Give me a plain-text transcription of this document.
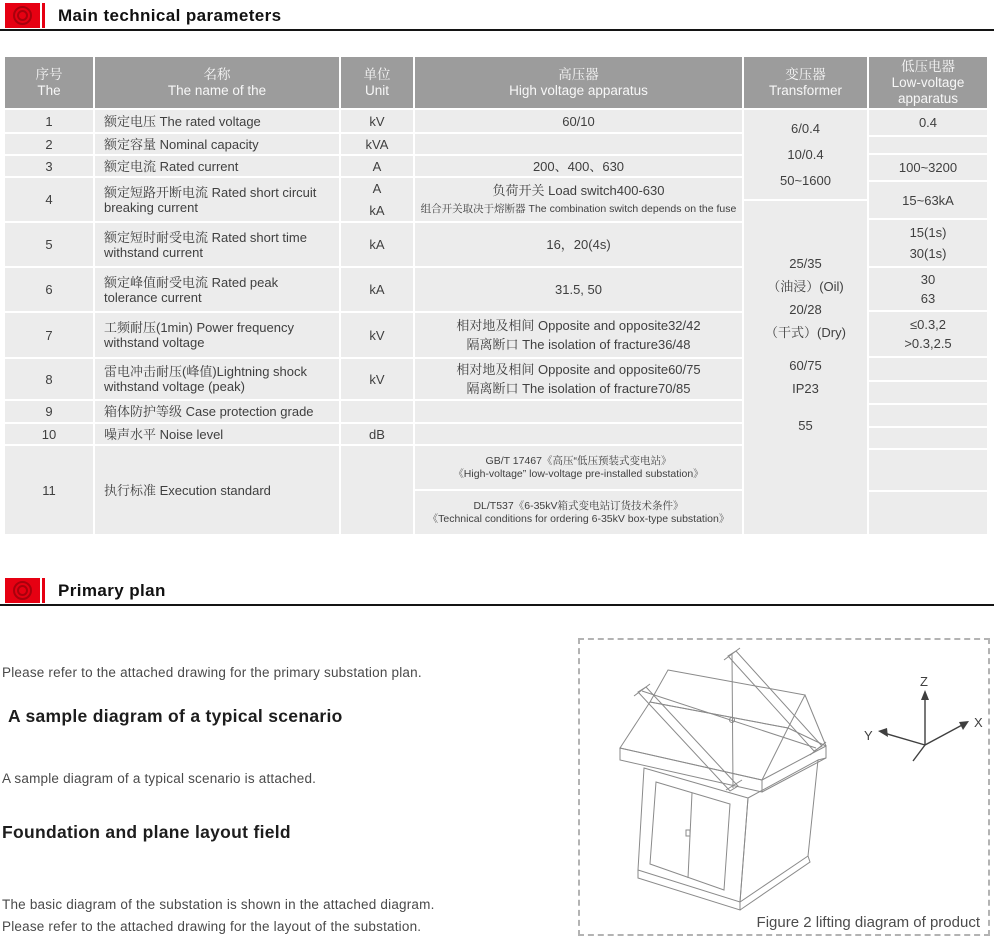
Main technical parameters
序号
The
1
2
3
4
5
6
7
8
9
10
11
名称
The name of the
额定电压 The rated voltage
额定容量 Nominal capacity
额定电流 Rated current
额定短路开断电流 Rated short circuit breaking current
额定短时耐受电流 Rated short time withstand current
额定峰值耐受电流 Rated peak tolerance current
工频耐压(1min) Power frequency withstand voltage
雷电冲击耐压(峰值)Lightning shock withstand voltage (peak)
箱体防护等级 Case protection grade
噪声水平 Noise level
执行标准 Execution standard
单位
Unit
kV
kVA
A
A
kA
kA
kA
kV
kV
dB
高压器
High voltage apparatus
60/10
200、400、630
负荷开关 Load switch400-630
组合开关取决于熔断器 The combination switch depends on the fuse
16，20(4s)
31.5, 50
相对地及相间 Opposite and opposite32/42
隔离断口 The isolation of fracture36/48
相对地及相间 Opposite and opposite60/75
隔离断口 The isolation of fracture70/85
GB/T 17467《高压“低压预装式变电站》
《High-voltage” low-voltage pre-installed substation》
DL/T537《6-35kV箱式变电站订货技术条件》
《Technical conditions for ordering 6-35kV box-type substation》
变压器
Transformer
6/0.4
10/0.4
50~1600
25/35
（油浸）(Oil)
20/28
（干式）(Dry)
60/75
IP23
55
低压电器
Low-voltage
apparatus
0.4
100~3200
15~63kA
15(1s)
30(1s)
30
63
≤0.3,2
>0.3,2.5
Primary plan
Please refer to the attached drawing for the primary substation plan.
A sample diagram of a typical scenario
A sample diagram of a typical scenario is attached.
Foundation and plane layout field
The basic diagram of the substation is shown in the attached diagram.
Please refer to the attached drawing for the layout of the substation.
Z
X
Y
Figure 2 lifting diagram of product
